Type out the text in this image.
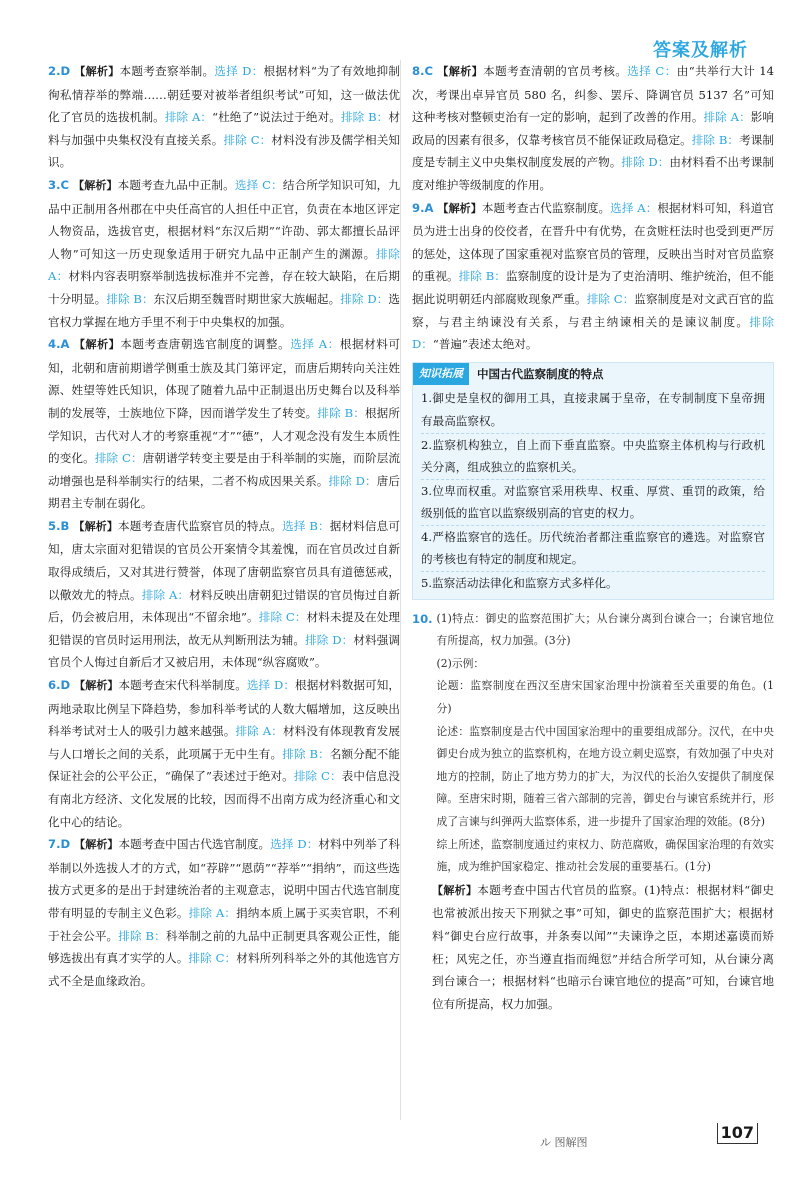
答案及解析

2.D 【解析】本题考查察举制。选择 D：根据材料“为了有效地抑制徇私情荐举的弊端……朝廷要对被举者组织考试”可知，这一做法优化了官员的选拔机制。排除 A：“杜绝了”说法过于绝对。排除 B：材料与加强中央集权没有直接关系。排除 C：材料没有涉及儒学相关知识。

3.C 【解析】本题考查九品中正制。选择 C：结合所学知识可知，九品中正制用各州郡在中央任高官的人担任中正官，负责在本地区评定人物资品，选拔官吏，根据材料“东汉后期”“许劭、郭太都擅长品评人物”可知这一历史现象适用于研究九品中正制产生的渊源。排除 A：材料内容表明察举制选拔标准并不完善，存在较大缺陷，在后期十分明显。排除 B：东汉后期至魏晋时期世家大族崛起。排除 D：选官权力掌握在地方手里不利于中央集权的加强。

4.A 【解析】本题考查唐朝选官制度的调整。选择 A：根据材料可知，北朝和唐前期谱学侧重士族及其门第评定，而唐后期转向关注姓源、姓望等姓氏知识，体现了随着九品中正制退出历史舞台以及科举制的发展等，士族地位下降，因而谱学发生了转变。排除 B：根据所学知识，古代对人才的考察重视“才”“德”，人才观念没有发生本质性的变化。排除 C：唐朝谱学转变主要是由于科举制的实施，而阶层流动增强也是科举制实行的结果，二者不构成因果关系。排除 D：唐后期君主专制在弱化。

5.B 【解析】本题考查唐代监察官员的特点。选择 B：据材料信息可知，唐太宗面对犯错误的官员公开案情令其羞愧，而在官员改过自新取得成绩后，又对其进行赞誉，体现了唐朝监察官员具有道德惩戒，以儆效尤的特点。排除 A：材料反映出唐朝犯过错误的官员悔过自新后，仍会被启用，未体现出“不留余地”。排除 C：材料未提及在处理犯错误的官员时运用刑法，故无从判断刑法为辅。排除 D：材料强调官员个人悔过自新后才又被启用，未体现“纵容腐败”。

6.D 【解析】本题考查宋代科举制度。选择 D：根据材料数据可知，两地录取比例呈下降趋势，参加科举考试的人数大幅增加，这反映出科举考试对士人的吸引力越来越强。排除 A：材料没有体现教育发展与人口增长之间的关系，此项属于无中生有。排除 B：名额分配不能保证社会的公平公正，“确保了”表述过于绝对。排除 C：表中信息没有南北方经济、文化发展的比较，因而得不出南方成为经济重心和文化中心的结论。

7.D 【解析】本题考查中国古代选官制度。选择 D：材料中列举了科举制以外选拔人才的方式，如“荐辟”“恩荫”“荐举”“捐纳”，而这些选拔方式更多的是出于封建统治者的主观意志，说明中国古代选官制度带有明显的专制主义色彩。排除 A：捐纳本质上属于买卖官职，不利于社会公平。排除 B：科举制之前的九品中正制更具客观公正性，能够选拔出有真才实学的人。排除 C：材料所列科举之外的其他选官方式不全是血缘政治。

8.C 【解析】本题考查清朝的官员考核。选择 C：由“共举行大计 14 次，考课出卓异官员 580 名，纠参、罢斥、降调官员 5137 名”可知这种考核对整顿吏治有一定的影响，起到了改善的作用。排除 A：影响政局的因素有很多，仅靠考核官员不能保证政局稳定。排除 B：考课制度是专制主义中央集权制度发展的产物。排除 D：由材料看不出考课制度对维护等级制度的作用。

9.A 【解析】本题考查古代监察制度。选择 A：根据材料可知，科道官员为进士出身的佼佼者，在晋升中有优势，在贪赃枉法时也受到更严厉的惩处，这体现了国家重视对监察官员的管理，反映出当时对官员监察的重视。排除 B：监察制度的设计是为了吏治清明、维护统治，但不能据此说明朝廷内部腐败现象严重。排除 C：监察制度是对文武百官的监察，与君主纳谏没有关系，与君主纳谏相关的是谏议制度。排除 D：“普遍”表述太绝对。

知识拓展	中国古代监察制度的特点
1.御史是皇权的御用工具，直接隶属于皇帝，在专制制度下皇帝拥有最高监察权。
2.监察机构独立，自上而下垂直监察。中央监察主体机构与行政机关分离，组成独立的监察机关。
3.位卑而权重。对监察官采用秩卑、权重、厚赏、重罚的政策，给级别低的监官以监察级别高的官吏的权力。
4.严格监察官的选任。历代统治者都注重监察官的遴选。对监察官的考核也有特定的制度和规定。
5.监察活动法律化和监察方式多样化。
10. (1)特点：御史的监察范围扩大；从台谏分离到台谏合一；台谏官地位有所提高，权力加强。(3分)

(2)示例：

论题：监察制度在西汉至唐宋国家治理中扮演着至关重要的角色。(1分)

论述：监察制度是古代中国国家治理中的重要组成部分。汉代，在中央御史台成为独立的监察机构，在地方设立刺史巡察，有效加强了中央对地方的控制，防止了地方势力的扩大，为汉代的长治久安提供了制度保障。至唐宋时期，随着三省六部制的完善，御史台与谏官系统并行，形成了言谏与纠弹两大监察体系，进一步提升了国家治理的效能。(8分)

综上所述，监察制度通过约束权力、防范腐败，确保国家治理的有效实施，成为维护国家稳定、推动社会发展的重要基石。(1分)

【解析】本题考查中国古代官员的监察。(1)特点：根据材料“御史也常被派出按天下刑狱之事”可知，御史的监察范围扩大；根据材料“御史台应行故事，并条奏以闻”“夫谏诤之臣，本期述嘉谟而矫枉；风宪之任，亦当遵直指而绳愆”并结合所学可知，从台谏分离到台谏合一；根据材料“也暗示台谏官地位的提高”可知，台谏官地位有所提高，权力加强。

ル 图解图
107
